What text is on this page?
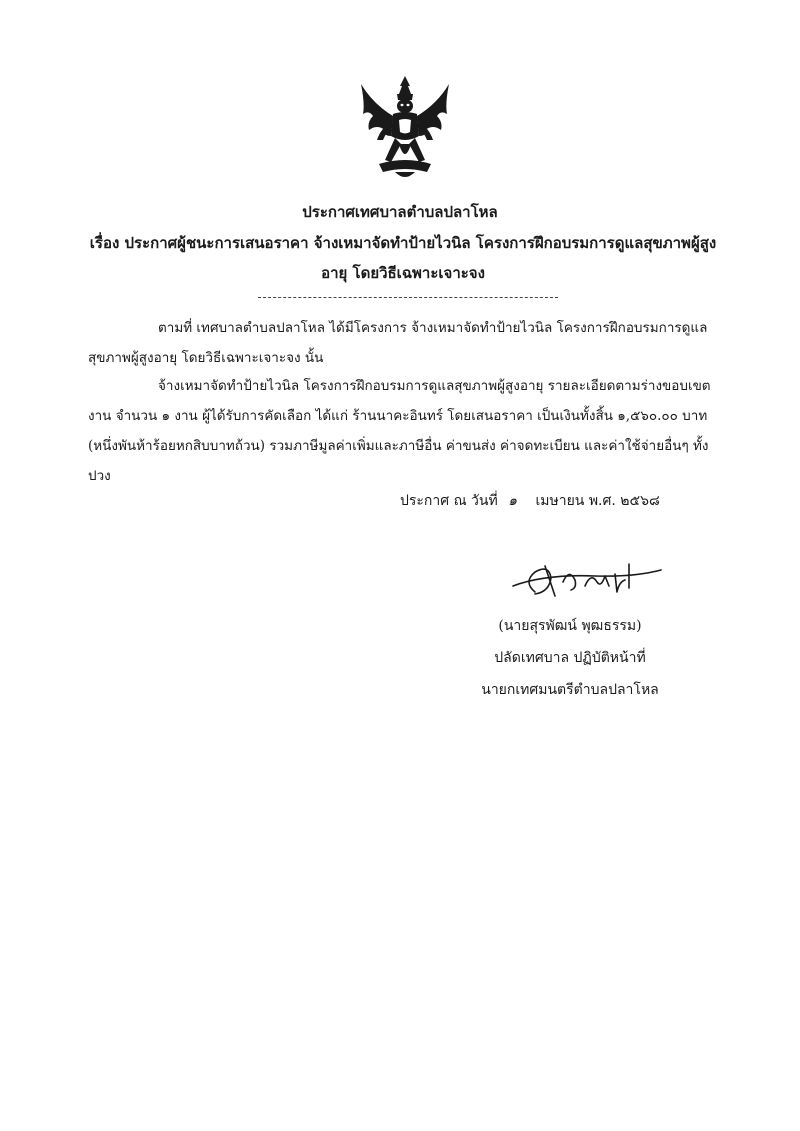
ประกาศเทศบาลตำบลปลาโหล
เรื่อง ประกาศผู้ชนะการเสนอราคา จ้างเหมาจัดทำป้ายไวนิล โครงการฝึกอบรมการดูแลสุขภาพผู้สูงอายุ โดยวิธีเฉพาะเจาะจง

ตามที่ เทศบาลตำบลปลาโหล ได้มีโครงการ จ้างเหมาจัดทำป้ายไวนิล โครงการฝึกอบรมการดูแลสุขภาพผู้สูงอายุ โดยวิธีเฉพาะเจาะจง นั้น

จ้างเหมาจัดทำป้ายไวนิล โครงการฝึกอบรมการดูแลสุขภาพผู้สูงอายุ รายละเอียดตามร่างขอบเขตงาน จำนวน ๑ งาน ผู้ได้รับการคัดเลือก ได้แก่ ร้านนาคะอินทร์ โดยเสนอราคา เป็นเงินทั้งสิ้น ๑,๕๖๐.๐๐ บาท (หนึ่งพันห้าร้อยหกสิบบาทถ้วน) รวมภาษีมูลค่าเพิ่มและภาษีอื่น ค่าขนส่ง ค่าจดทะเบียน และค่าใช้จ่ายอื่นๆ ทั้งปวง

ประกาศ ณ วันที่ ๑ เมษายน พ.ศ. ๒๕๖๘
(นายสุรพัฒน์ พุฒธรรม)
ปลัดเทศบาล ปฏิบัติหน้าที่
นายกเทศมนตรีตำบลปลาโหล
